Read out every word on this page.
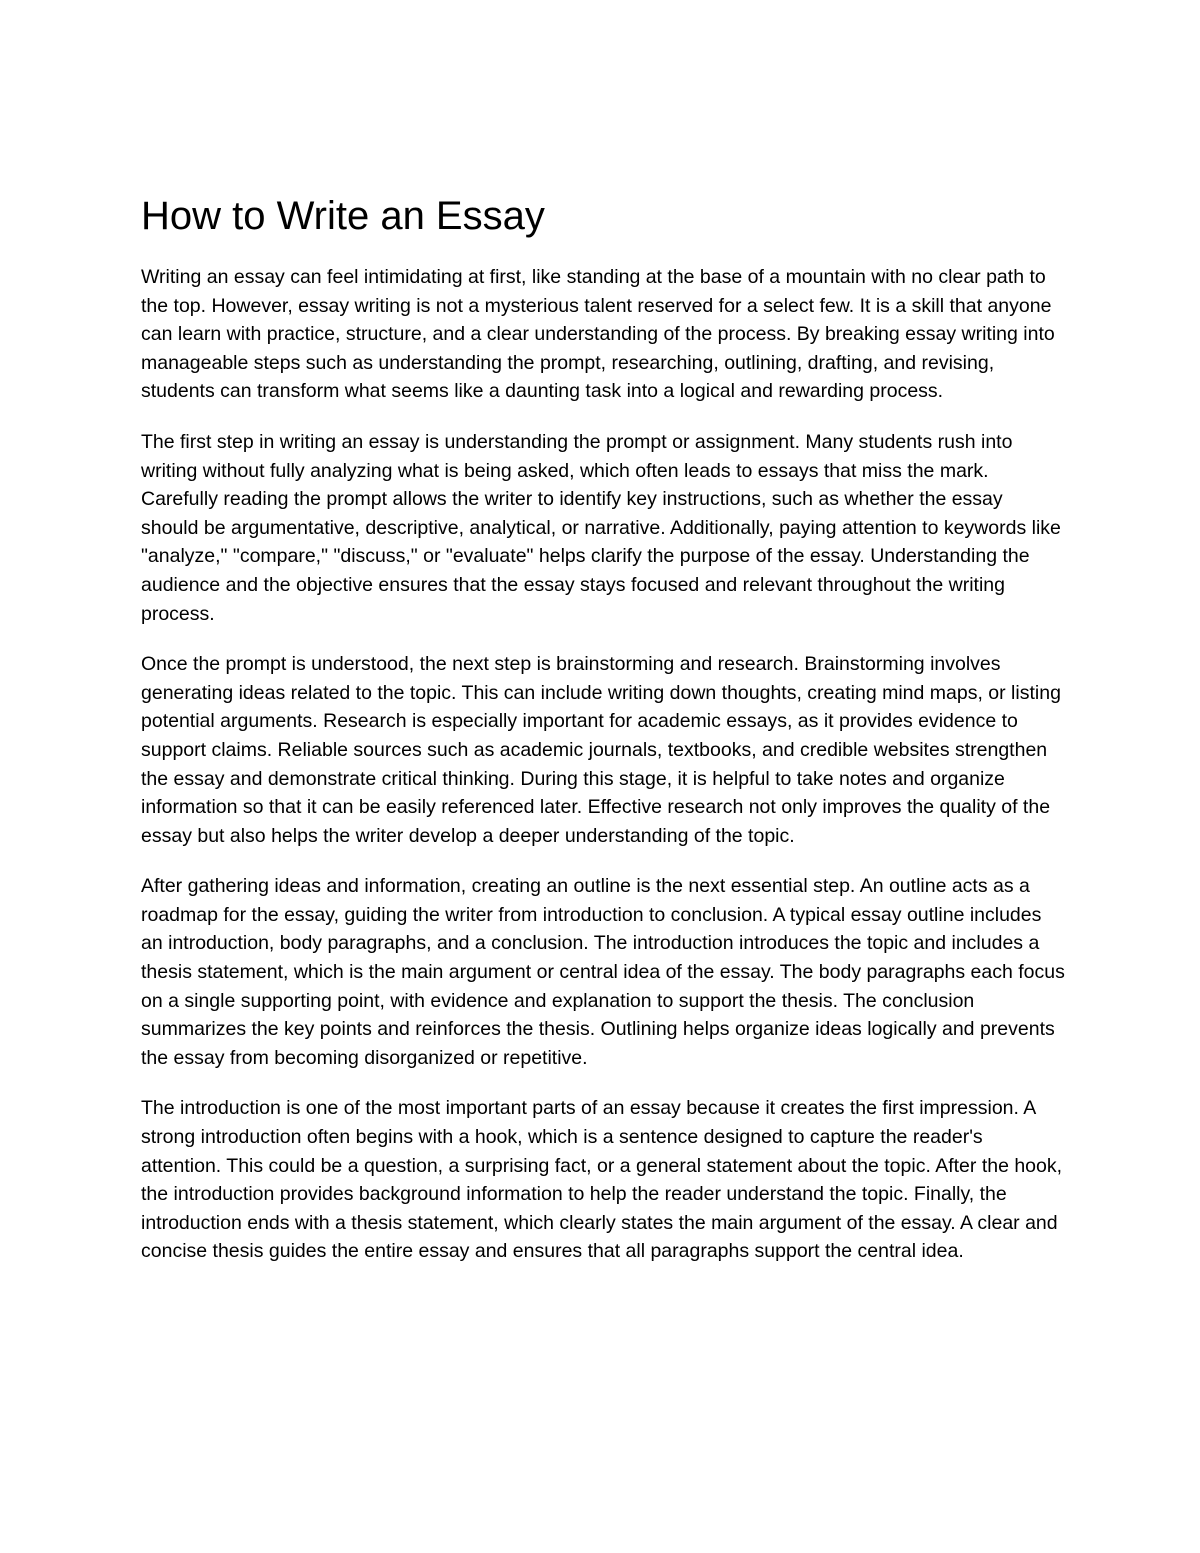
How to Write an Essay

Writing an essay can feel intimidating at first, like standing at the base of a mountain with no clear path to the top. However, essay writing is not a mysterious talent reserved for a select few. It is a skill that anyone can learn with practice, structure, and a clear understanding of the process. By breaking essay writing into manageable steps such as understanding the prompt, researching, outlining, drafting, and revising, students can transform what seems like a daunting task into a logical and rewarding process.

The first step in writing an essay is understanding the prompt or assignment. Many students rush into writing without fully analyzing what is being asked, which often leads to essays that miss the mark. Carefully reading the prompt allows the writer to identify key instructions, such as whether the essay should be argumentative, descriptive, analytical, or narrative. Additionally, paying attention to keywords like "analyze," "compare," "discuss," or "evaluate" helps clarify the purpose of the essay. Understanding the audience and the objective ensures that the essay stays focused and relevant throughout the writing process.

Once the prompt is understood, the next step is brainstorming and research. Brainstorming involves generating ideas related to the topic. This can include writing down thoughts, creating mind maps, or listing potential arguments. Research is especially important for academic essays, as it provides evidence to support claims. Reliable sources such as academic journals, textbooks, and credible websites strengthen the essay and demonstrate critical thinking. During this stage, it is helpful to take notes and organize information so that it can be easily referenced later. Effective research not only improves the quality of the essay but also helps the writer develop a deeper understanding of the topic.

After gathering ideas and information, creating an outline is the next essential step. An outline acts as a roadmap for the essay, guiding the writer from introduction to conclusion. A typical essay outline includes an introduction, body paragraphs, and a conclusion. The introduction introduces the topic and includes a thesis statement, which is the main argument or central idea of the essay. The body paragraphs each focus on a single supporting point, with evidence and explanation to support the thesis. The conclusion summarizes the key points and reinforces the thesis. Outlining helps organize ideas logically and prevents the essay from becoming disorganized or repetitive.

The introduction is one of the most important parts of an essay because it creates the first impression. A strong introduction often begins with a hook, which is a sentence designed to capture the reader's attention. This could be a question, a surprising fact, or a general statement about the topic. After the hook, the introduction provides background information to help the reader understand the topic. Finally, the introduction ends with a thesis statement, which clearly states the main argument of the essay. A clear and concise thesis guides the entire essay and ensures that all paragraphs support the central idea.
